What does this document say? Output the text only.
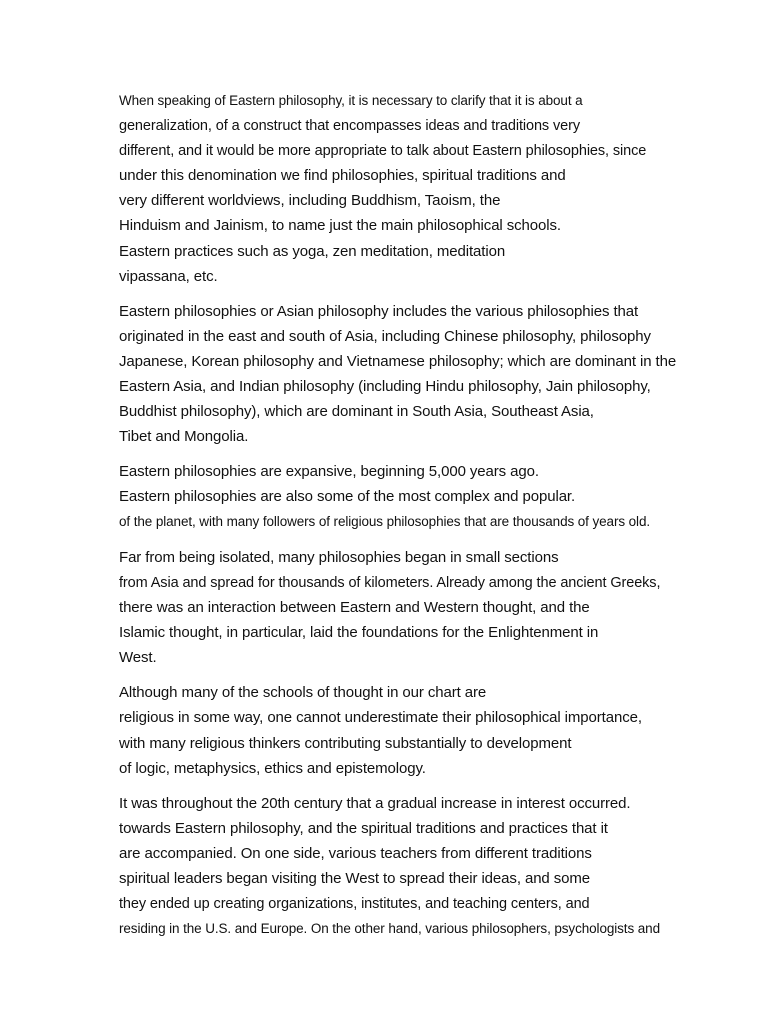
When speaking of Eastern philosophy, it is necessary to clarify that it is about a
generalization, of a construct that encompasses ideas and traditions very
different, and it would be more appropriate to talk about Eastern philosophies, since
under this denomination we find philosophies, spiritual traditions and
very different worldviews, including Buddhism, Taoism, the
Hinduism and Jainism, to name just the main philosophical schools.
Eastern practices such as yoga, zen meditation, meditation
vipassana, etc.
Eastern philosophies or Asian philosophy includes the various philosophies that
originated in the east and south of Asia, including Chinese philosophy, philosophy
Japanese, Korean philosophy and Vietnamese philosophy; which are dominant in the
Eastern Asia, and Indian philosophy (including Hindu philosophy, Jain philosophy,
Buddhist philosophy), which are dominant in South Asia, Southeast Asia,
Tibet and Mongolia.
Eastern philosophies are expansive, beginning 5,000 years ago.
Eastern philosophies are also some of the most complex and popular.
of the planet, with many followers of religious philosophies that are thousands of years old.
Far from being isolated, many philosophies began in small sections
from Asia and spread for thousands of kilometers. Already among the ancient Greeks,
there was an interaction between Eastern and Western thought, and the
Islamic thought, in particular, laid the foundations for the Enlightenment in
West.
Although many of the schools of thought in our chart are
religious in some way, one cannot underestimate their philosophical importance,
with many religious thinkers contributing substantially to development
of logic, metaphysics, ethics and epistemology.
It was throughout the 20th century that a gradual increase in interest occurred.
towards Eastern philosophy, and the spiritual traditions and practices that it
are accompanied. On one side, various teachers from different traditions
spiritual leaders began visiting the West to spread their ideas, and some
they ended up creating organizations, institutes, and teaching centers, and
residing in the U.S. and Europe. On the other hand, various philosophers, psychologists and
